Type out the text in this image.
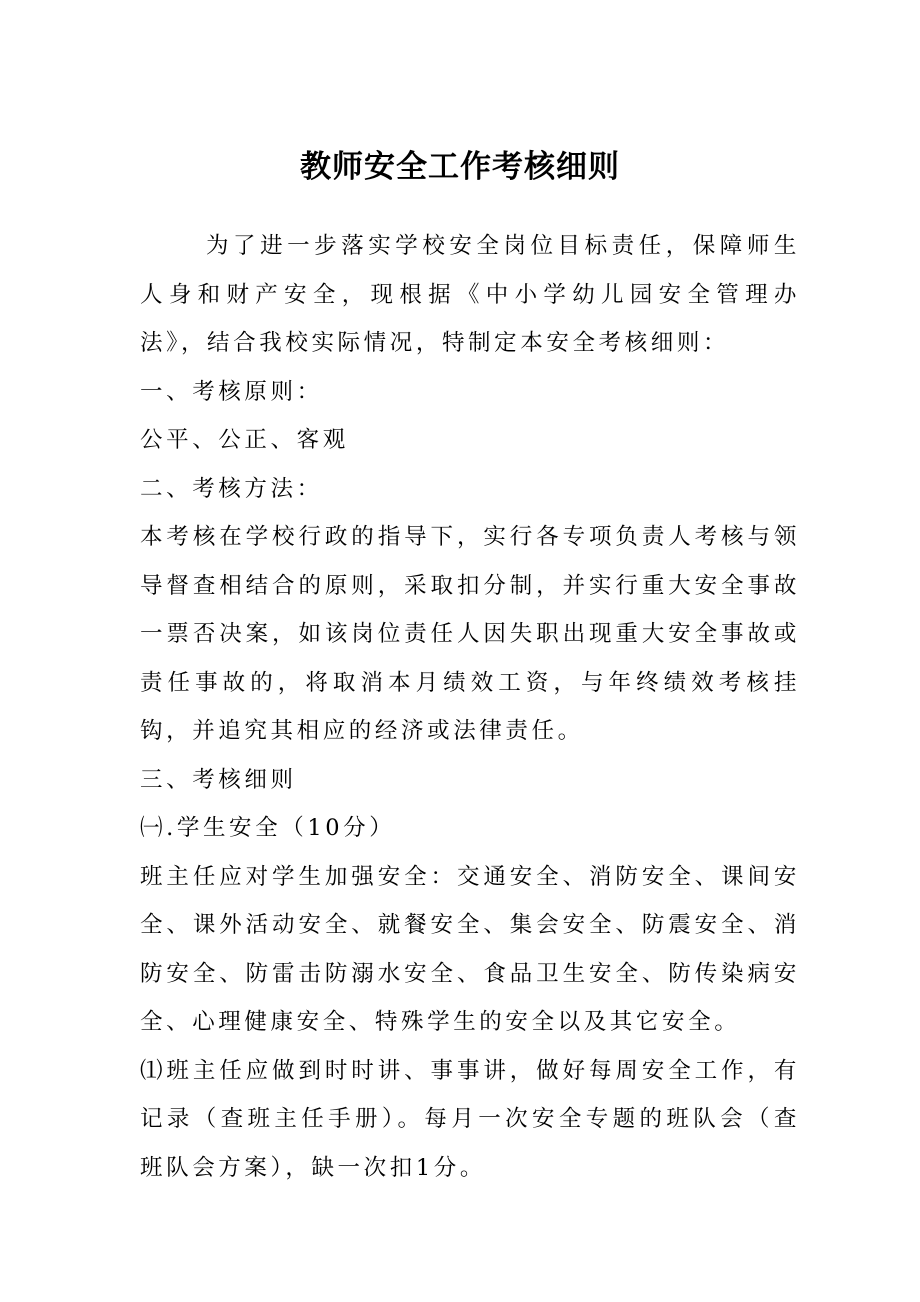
教师安全工作考核细则

为了进一步落实学校安全岗位目标责任，保障师生人身和财产安全，现根据《中小学幼儿园安全管理办法》，结合我校实际情况，特制定本安全考核细则：

一、考核原则：

公平、公正、客观

二、考核方法：

本考核在学校行政的指导下，实行各专项负责人考核与领导督查相结合的原则，采取扣分制，并实行重大安全事故一票否决案，如该岗位责任人因失职出现重大安全事故或责任事故的，将取消本月绩效工资，与年终绩效考核挂钩，并追究其相应的经济或法律责任。

三、考核细则

㈠.学生安全（10分）

班主任应对学生加强安全：交通安全、消防安全、课间安全、课外活动安全、就餐安全、集会安全、防震安全、消防安全、防雷击防溺水安全、食品卫生安全、防传染病安全、心理健康安全、特殊学生的安全以及其它安全。

⑴班主任应做到时时讲、事事讲，做好每周安全工作，有记录（查班主任手册）。每月一次安全专题的班队会（查班队会方案），缺一次扣1分。
